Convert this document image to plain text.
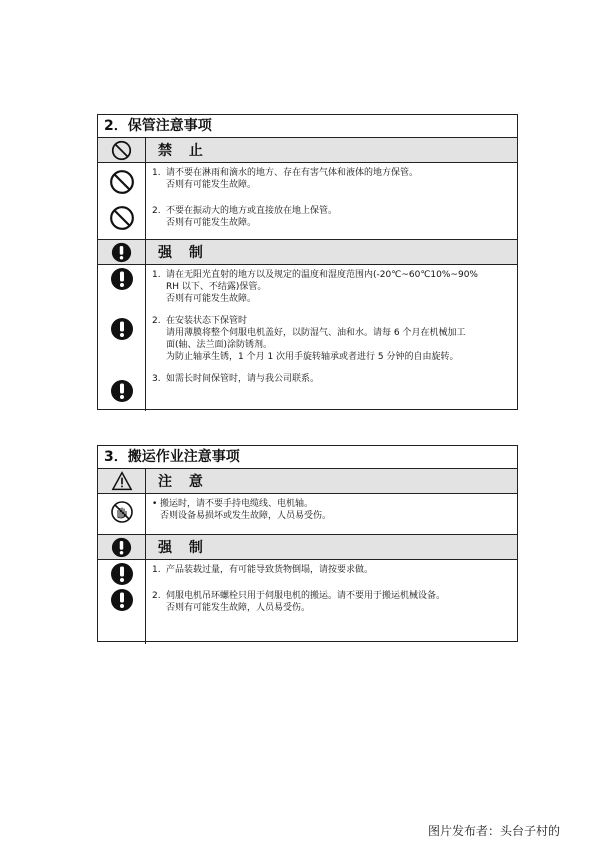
2．保管注意事项
禁 止
1. 请不要在淋雨和滴水的地方、存在有害气体和液体的地方保管。
否则有可能发生故障。
2. 不要在振动大的地方或直接放在地上保管。
否则有可能发生故障。
强 制
1. 请在无阳光直射的地方以及规定的温度和湿度范围内(-20℃~60℃10%~90%
RH 以下、不结露)保管。
否则有可能发生故障。
2. 在安装状态下保管时
请用薄膜将整个伺服电机盖好，以防湿气、油和水。请每 6 个月在机械加工
面(轴、法兰面)涂防锈剂。
为防止轴承生锈，1 个月 1 次用手旋转轴承或者进行 5 分钟的自由旋转。
3. 如需长时间保管时，请与我公司联系。
3．搬运作业注意事项
注 意
• 搬运时，请不要手持电缆线、电机轴。
否则设备易损坏或发生故障，人员易受伤。
强 制
1. 产品装载过量，有可能导致货物倒塌，请按要求做。
2. 伺服电机吊环螺栓只用于伺服电机的搬运。请不要用于搬运机械设备。
否则有可能发生故障，人员易受伤。
图片发布者：头台子村的
